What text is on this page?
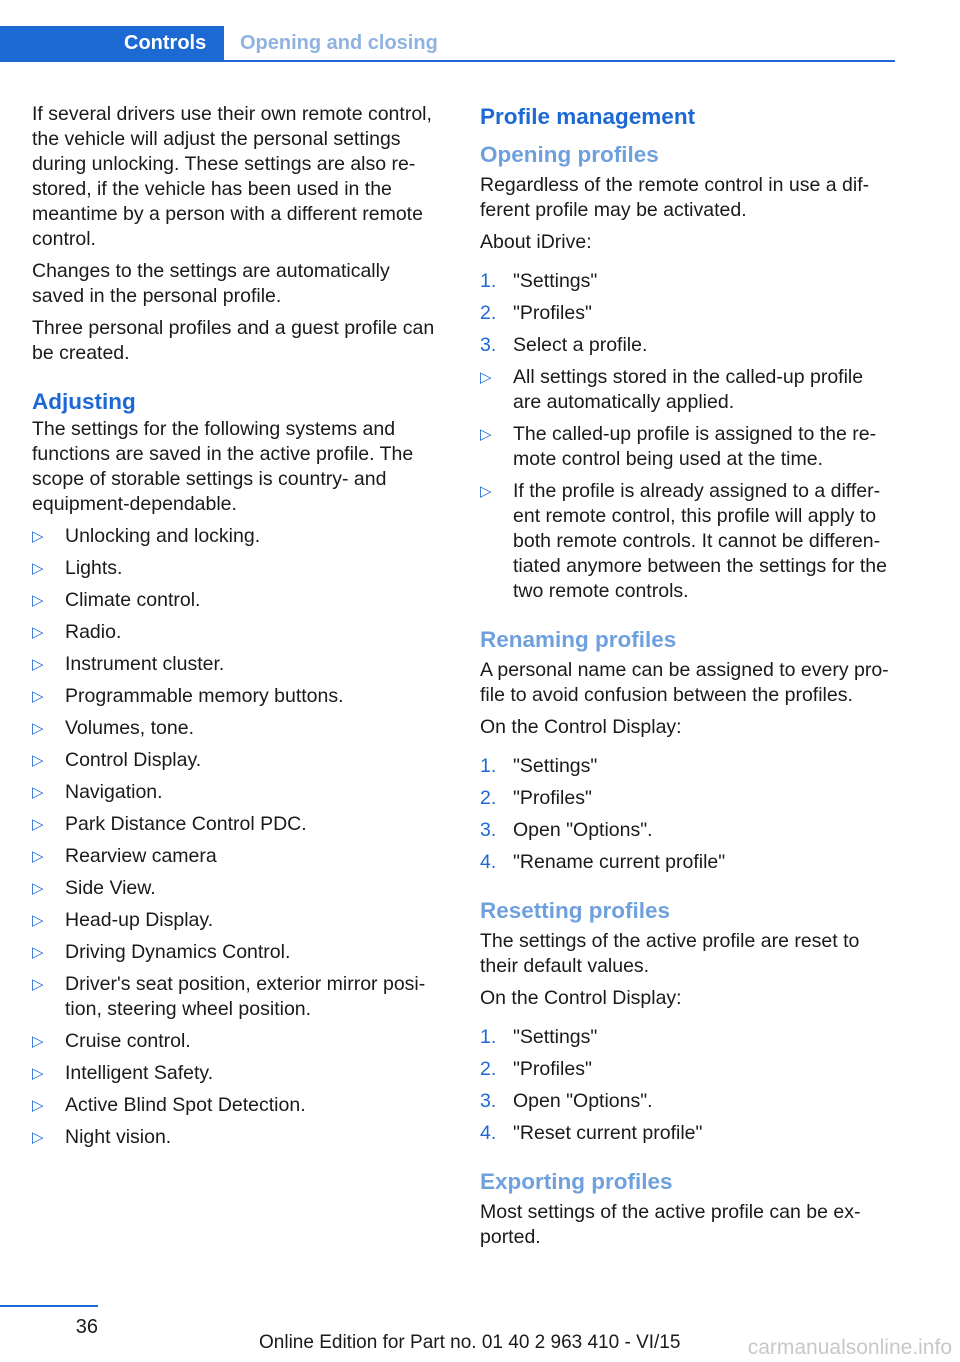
Controls	Opening and closing

If several drivers use their own remote control, the vehicle will adjust the personal settings during unlocking. These settings are also re-stored, if the vehicle has been used in the meantime by a person with a different remote control.

Changes to the settings are automatically saved in the personal profile.

Three personal profiles and a guest profile can be created.

Adjusting

The settings for the following systems and functions are saved in the active profile. The scope of storable settings is country- and equipment-dependable.

▷ Unlocking and locking.
▷ Lights.
▷ Climate control.
▷ Radio.
▷ Instrument cluster.
▷ Programmable memory buttons.
▷ Volumes, tone.
▷ Control Display.
▷ Navigation.
▷ Park Distance Control PDC.
▷ Rearview camera
▷ Side View.
▷ Head-up Display.
▷ Driving Dynamics Control.
▷ Driver's seat position, exterior mirror posi-tion, steering wheel position.
▷ Cruise control.
▷ Intelligent Safety.
▷ Active Blind Spot Detection.
▷ Night vision.
Profile management
Opening profiles

Regardless of the remote control in use a dif-ferent profile may be activated.

About iDrive:

1. "Settings"
2. "Profiles"
3. Select a profile.
▷ All settings stored in the called-up profile are automatically applied.
▷ The called-up profile is assigned to the re-mote control being used at the time.
▷ If the profile is already assigned to a differ-ent remote control, this profile will apply to both remote controls. It cannot be differen-tiated anymore between the settings for the two remote controls.
Renaming profiles

A personal name can be assigned to every pro-file to avoid confusion between the profiles.

On the Control Display:

1. "Settings"
2. "Profiles"
3. Open "Options".
4. "Rename current profile"
Resetting profiles

The settings of the active profile are reset to their default values.

On the Control Display:

1. "Settings"
2. "Profiles"
3. Open "Options".
4. "Reset current profile"
Exporting profiles

Most settings of the active profile can be ex-ported.

36
Online Edition for Part no. 01 40 2 963 410 - VI/15	carmanualsonline.info
